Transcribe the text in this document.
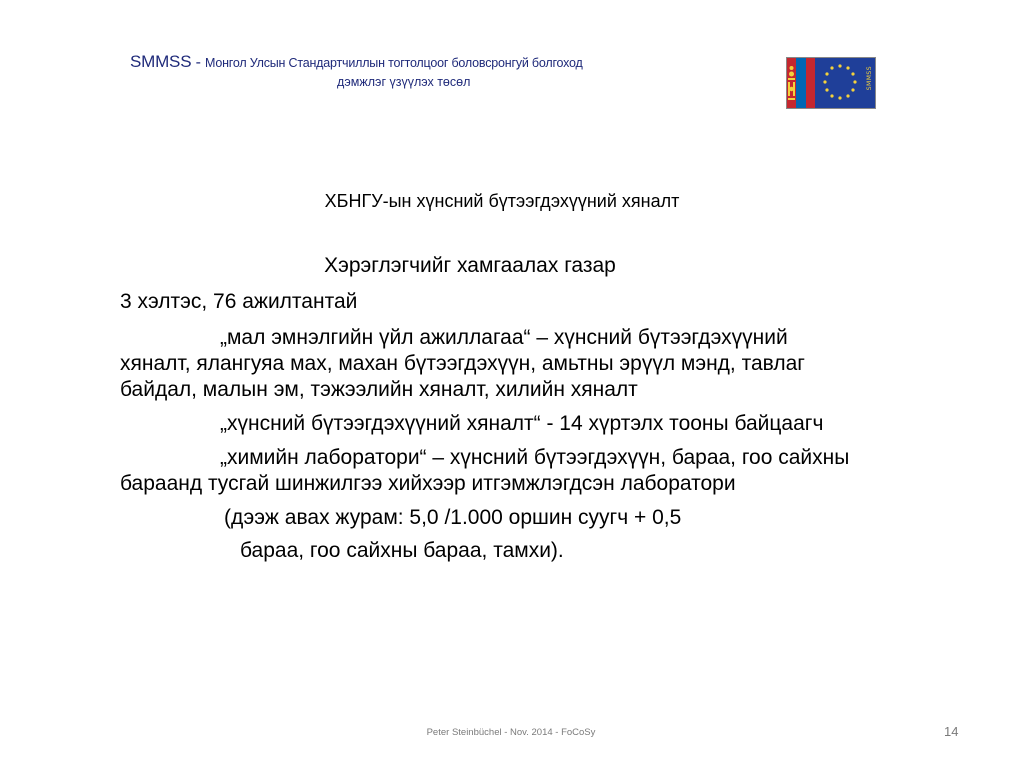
SMMSS - Монгол Улсын Стандартчиллын тогтолцоог боловсронгуй болгоход
дэмжлэг үзүүлэх төсөл	SMMSS
ХБНГУ-ын хүнсний бүтээгдэхүүний хяналт

Хэрэглэгчийг хамгаалах газар

3 хэлтэс, 76 ажилтантай

„мал эмнэлгийн үйл ажиллагаа“ – хүнсний бүтээгдэхүүний хяналт, ялангуяа мах, махан бүтээгдэхүүн, амьтны эрүүл мэнд, тавлаг байдал, малын эм, тэжээлийн хяналт, хилийн хяналт

„хүнсний бүтээгдэхүүний хяналт“ - 14 хүртэлх тооны байцаагч

„химийн лаборатори“ – хүнсний бүтээгдэхүүн, бараа, гоо сайхны бараанд тусгай шинжилгээ хийхээр итгэмжлэгдсэн лаборатори

(дээж авах журам: 5,0 /1.000 оршин суугч + 0,5

бараа, гоо сайхны бараа, тамхи).

Peter Steinbüchel - Nov. 2014 - FoCoSy	14
